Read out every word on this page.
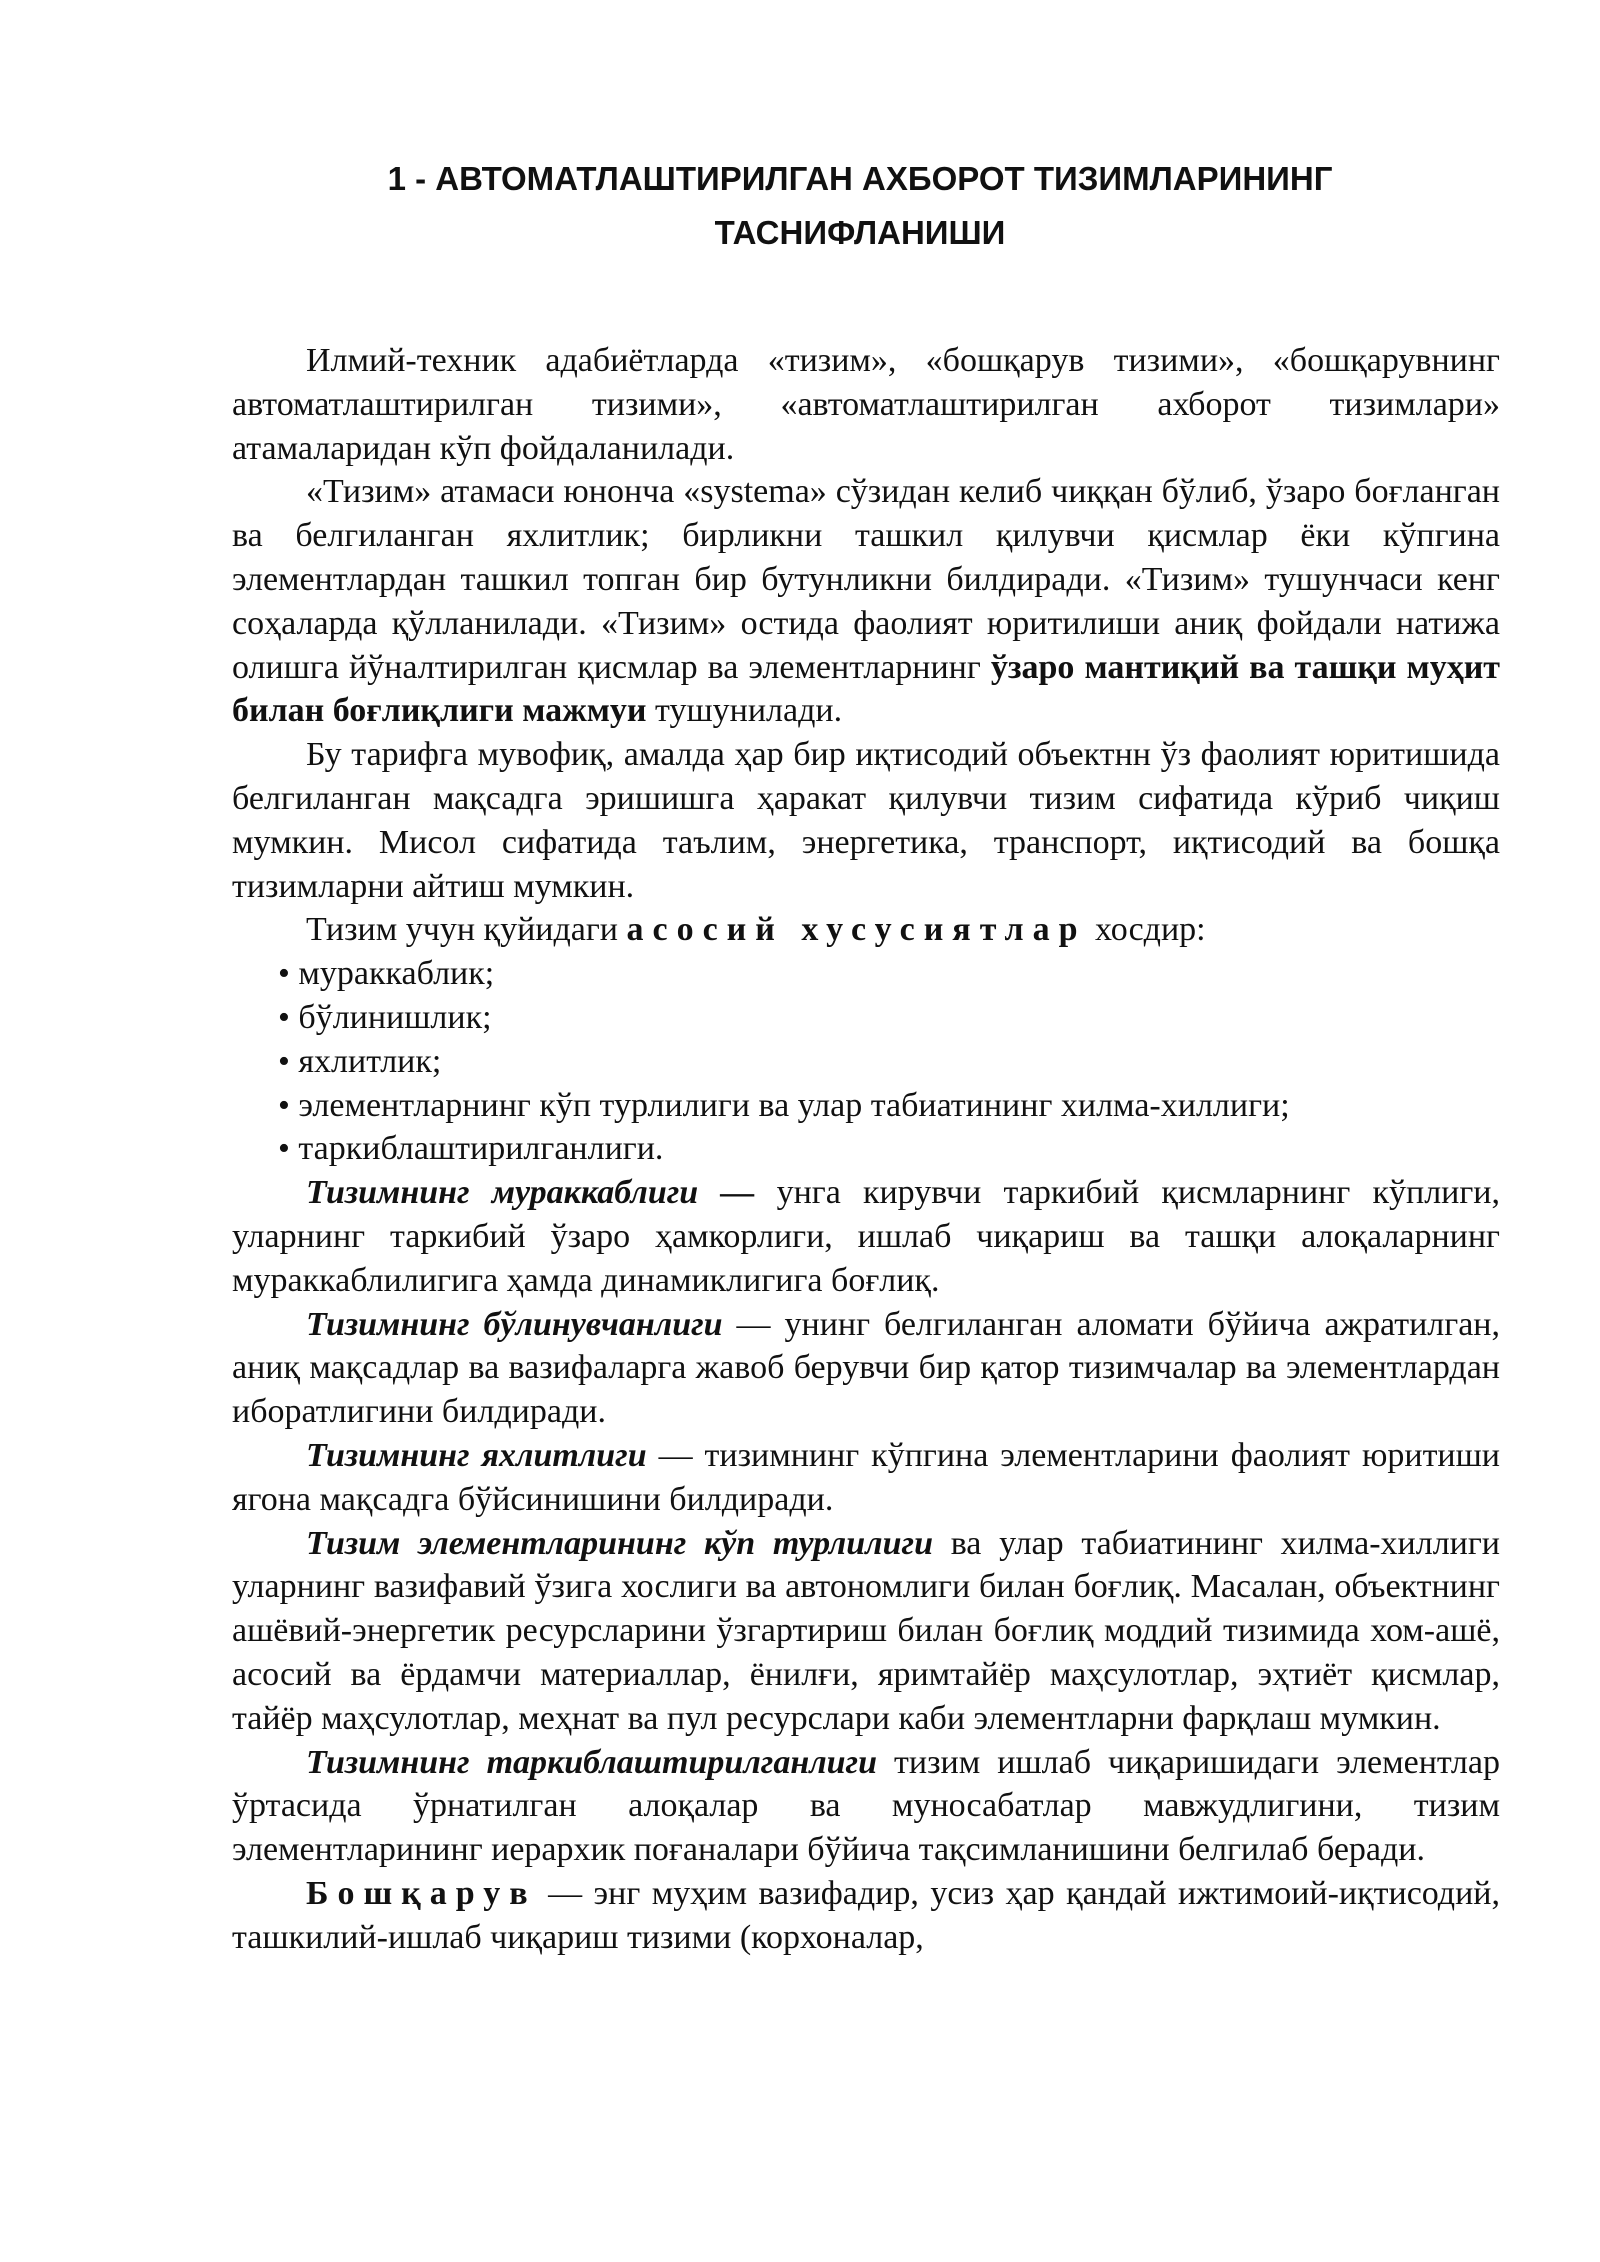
1 - АВТОМАТЛАШТИРИЛГАН АХБОРОТ ТИЗИМЛАРИНИНГ
ТАСНИФЛАНИШИ

Илмий-техник адабиётларда «тизим», «бошқарув тизими», «бошқарувнинг автоматлаштирилган тизими», «автоматлаштирилган ахборот тизимлари» атамаларидан кўп фойдаланилади.

«Тизим» атамаси юнонча «systema» сўзидан келиб чиққан бўлиб, ўзаро боғланган ва белгиланган яхлитлик; бирликни ташкил қилувчи қисмлар ёки кўпгина элементлардан ташкил топган бир бутунликни билдиради. «Тизим» тушунчаси кенг соҳаларда қўлланилади. «Тизим» остида фаолият юритилиши аниқ фойдали натижа олишга йўналтирилган қисмлар ва элементларнинг ўзаро мантиқий ва ташқи муҳит билан боғлиқлиги мажмуи тушунилади.

Бу тарифга мувофиқ, амалда ҳар бир иқтисодий объектнн ўз фаолият юритишида белгиланган мақсадга эришишга ҳаракат қилувчи тизим сифатида кўриб чиқиш мумкин. Мисол сифатида таълим, энергетика, транспорт, иқтисодий ва бошқа тизимларни айтиш мумкин.

Тизим учун қуйидаги асосий хусусиятлар хосдир:

• мураккаблик;

• бўлинишлик;

• яхлитлик;

• элементларнинг кўп турлилиги ва улар табиатининг хилма-хиллиги;

• таркиблаштирилганлиги.

Тизимнинг мураккаблиги — унга кирувчи таркибий қисмларнинг кўплиги, уларнинг таркибий ўзаро ҳамкорлиги, ишлаб чиқариш ва ташқи алоқаларнинг мураккаблилигига ҳамда динамиклигига боғлиқ.

Тизимнинг бўлинувчанлиги — унинг белгиланган аломати бўйича ажратилган, аниқ мақсадлар ва вазифаларга жавоб берувчи бир қатор тизимчалар ва элементлардан иборатлигини билдиради.

Тизимнинг яхлитлиги — тизимнинг кўпгина элементларини фаолият юритиши ягона мақсадга бўйсинишини билдиради.

Тизим элементларининг кўп турлилиги ва улар табиатининг хилма-хиллиги уларнинг вазифавий ўзига хослиги ва автономлиги билан боғлиқ. Масалан, объектнинг ашёвий-энергетик ресурсларини ўзгартириш билан боғлиқ моддий тизимида хом-ашё, асосий ва ёрдамчи материаллар, ёнилғи, яримтайёр маҳсулотлар, эҳтиёт қисмлар, тайёр маҳсулотлар, меҳнат ва пул ресурслари каби элементларни фарқлаш мумкин.

Тизимнинг таркиблаштирилганлиги тизим ишлаб чиқаришидаги элементлар ўртасида ўрнатилган алоқалар ва муносабатлар мавжудлигини, тизим элементларининг иерархик поғаналари бўйича тақсимланишини белгилаб беради.

Бошқарув — энг муҳим вазифадир, усиз ҳар қандай ижтимоий-иқтисодий, ташкилий-ишлаб чиқариш тизими (корхоналар,
